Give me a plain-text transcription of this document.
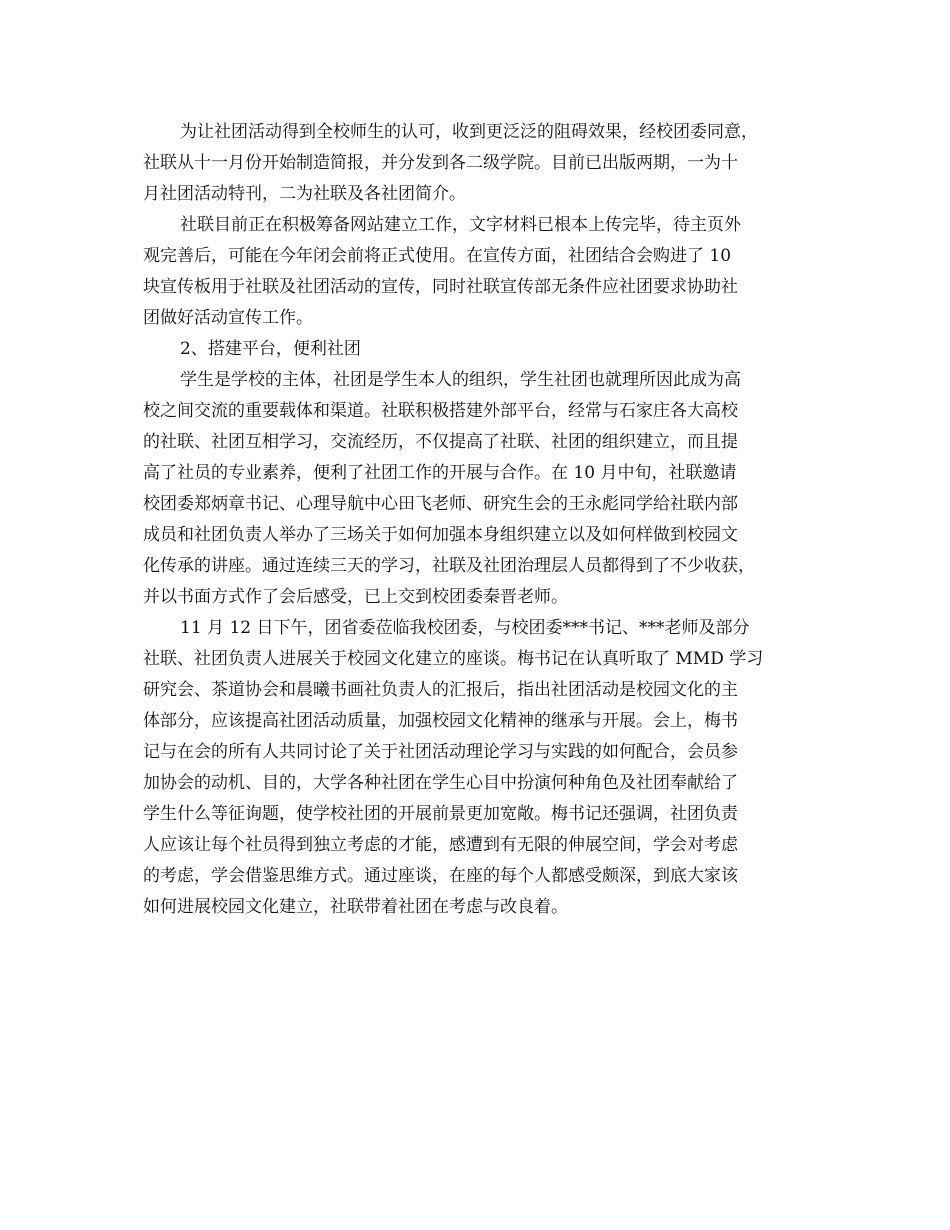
为让社团活动得到全校师生的认可，收到更泛泛的阻碍效果，经校团委同意，
社联从十一月份开始制造简报，并分发到各二级学院。目前已出版两期，一为十
月社团活动特刊，二为社联及各社团简介。
社联目前正在积极筹备网站建立工作，文字材料已根本上传完毕，待主页外
观完善后，可能在今年闭会前将正式使用。在宣传方面，社团结合会购进了 10
块宣传板用于社联及社团活动的宣传，同时社联宣传部无条件应社团要求协助社
团做好活动宣传工作。
2、搭建平台，便利社团
学生是学校的主体，社团是学生本人的组织，学生社团也就理所因此成为高
校之间交流的重要载体和渠道。社联积极搭建外部平台，经常与石家庄各大高校
的社联、社团互相学习，交流经历，不仅提高了社联、社团的组织建立，而且提
高了社员的专业素养，便利了社团工作的开展与合作。在 10 月中旬，社联邀请
校团委郑炳章书记、心理导航中心田飞老师、研究生会的王永彪同学给社联内部
成员和社团负责人举办了三场关于如何加强本身组织建立以及如何样做到校园文
化传承的讲座。通过连续三天的学习，社联及社团治理层人员都得到了不少收获，
并以书面方式作了会后感受，已上交到校团委秦晋老师。
11 月 12 日下午，团省委莅临我校团委，与校团委***书记、***老师及部分
社联、社团负责人进展关于校园文化建立的座谈。梅书记在认真听取了 MMD 学习
研究会、茶道协会和晨曦书画社负责人的汇报后，指出社团活动是校园文化的主
体部分，应该提高社团活动质量，加强校园文化精神的继承与开展。会上，梅书
记与在会的所有人共同讨论了关于社团活动理论学习与实践的如何配合，会员参
加协会的动机、目的，大学各种社团在学生心目中扮演何种角色及社团奉献给了
学生什么等征询题，使学校社团的开展前景更加宽敞。梅书记还强调，社团负责
人应该让每个社员得到独立考虑的才能，感遭到有无限的伸展空间，学会对考虑
的考虑，学会借鉴思维方式。通过座谈，在座的每个人都感受颇深，到底大家该
如何进展校园文化建立，社联带着社团在考虑与改良着。
